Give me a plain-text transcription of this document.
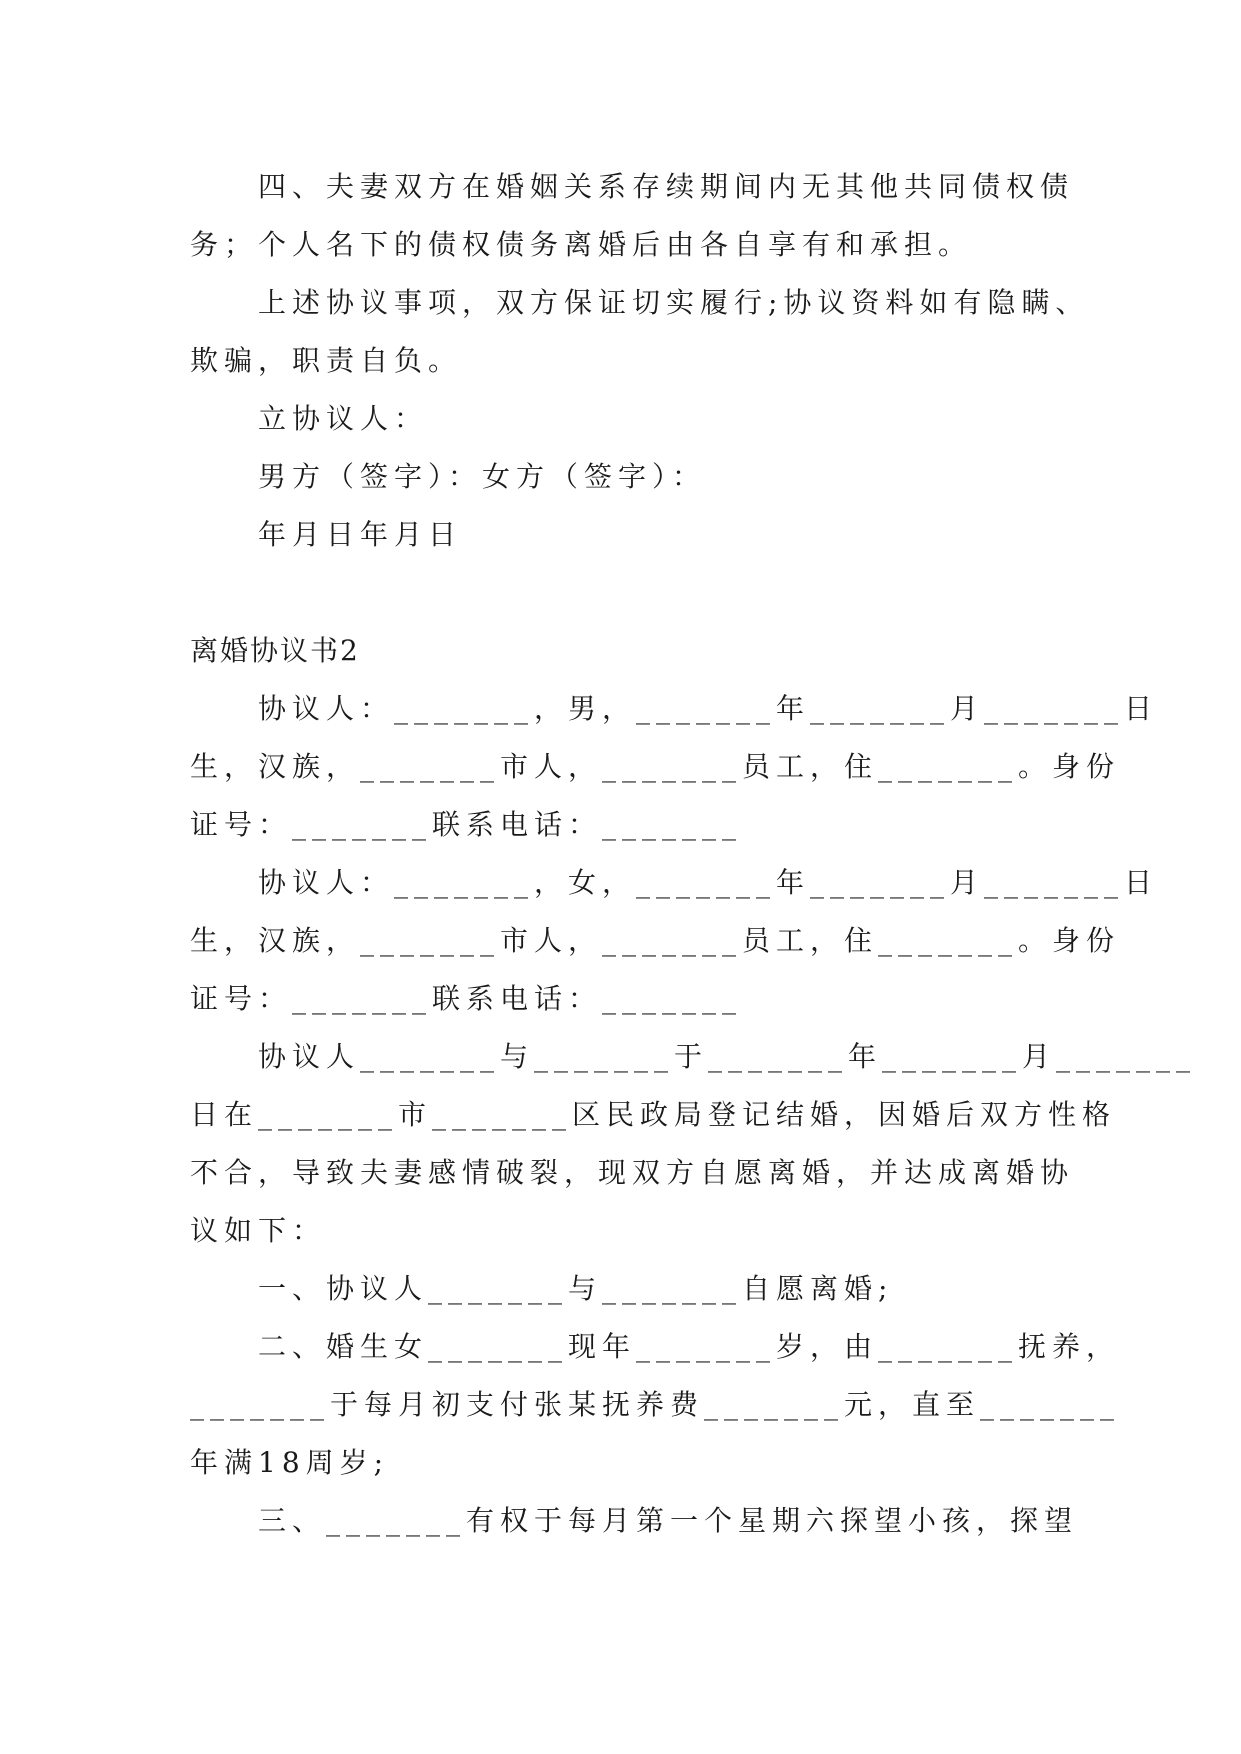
四、夫妻双方在婚姻关系存续期间内无其他共同债权债
务；个人名下的债权债务离婚后由各自享有和承担。
上述协议事项，双方保证切实履行;协议资料如有隐瞒、
欺骗，职责自负。
立协议人：
男方（签字）：女方（签字）：
年月日年月日
离婚协议书2
协议人：_______，男，_______年_______月_______日
生，汉族，_______市人，_______员工，住_______。身份
证号：_______联系电话：_______
协议人：_______，女，_______年_______月_______日
生，汉族，_______市人，_______员工，住_______。身份
证号：_______联系电话：_______
协议人_______与_______于_______年_______月_______
日在_______市_______区民政局登记结婚，因婚后双方性格
不合，导致夫妻感情破裂，现双方自愿离婚，并达成离婚协
议如下：
一、协议人_______与_______自愿离婚;
二、婚生女_______现年_______岁，由_______抚养，
_______于每月初支付张某抚养费_______元，直至_______
年满18周岁;
三、_______有权于每月第一个星期六探望小孩，探望
